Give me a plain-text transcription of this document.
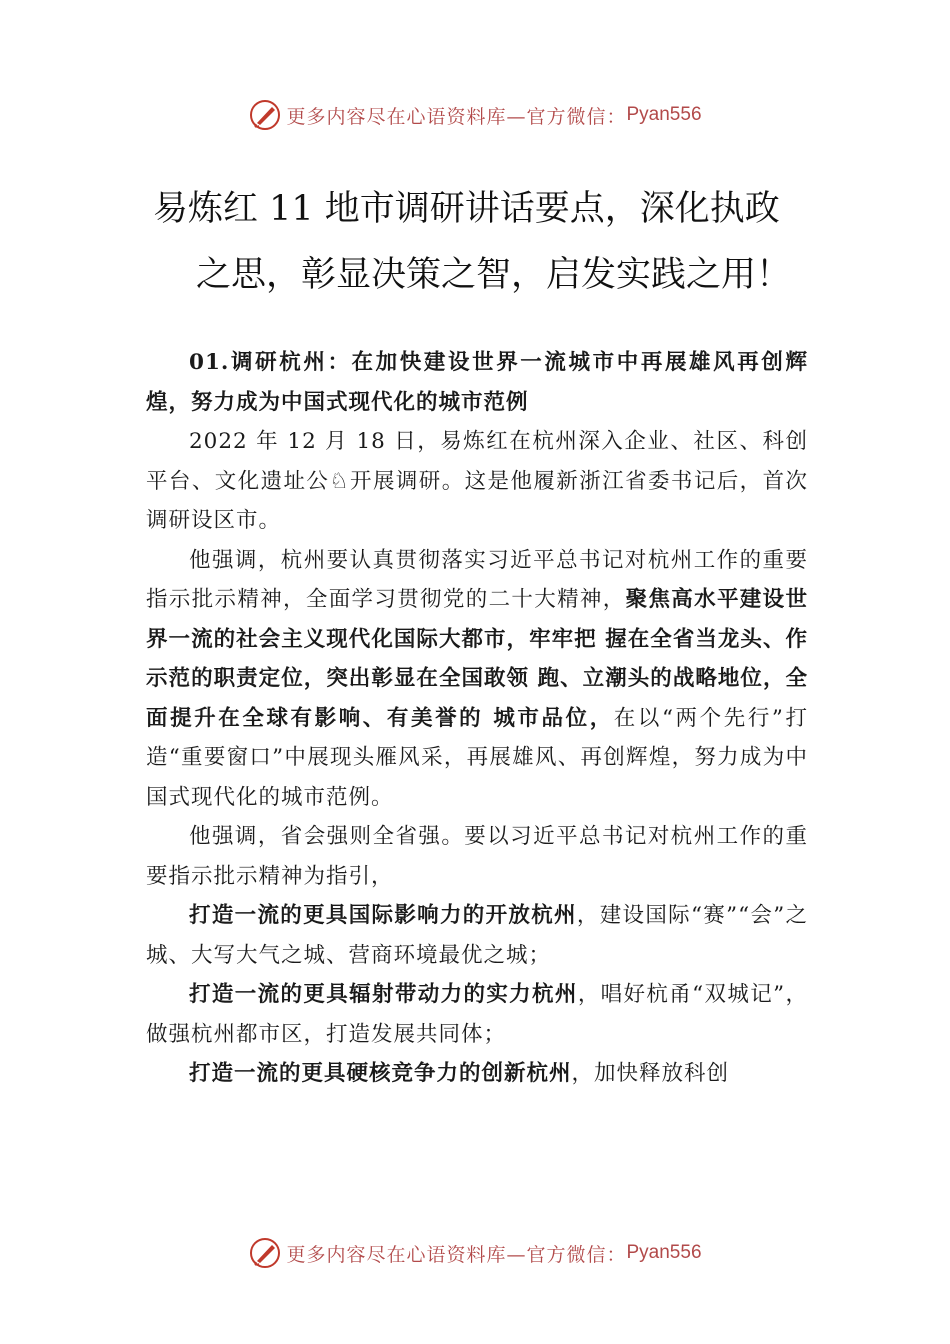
更多内容尽在心语资料库—官方微信： Pyan556
易炼红 11 地市调研讲话要点，深化执政
之思，彰显决策之智，启发实践之用！

01.调研杭州：在加快建设世界一流城市中再展雄风再创辉煌，努力成为中国式现代化的城市范例

2022 年 12 月 18 日，易炼红在杭州深入企业、社区、科创平台、文化遗址公♘开展调研。这是他履新浙江省委书记后，首次调研设区市。

他强调，杭州要认真贯彻落实习近平总书记对杭州工作的重要指示批示精神，全面学习贯彻党的二十大精神，聚焦高水平建设世界一流的社会主义现代化国际大都市，牢牢把 握在全省当龙头、作示范的职责定位，突出彰显在全国敢领 跑、立潮头的战略地位，全面提升在全球有影响、有美誉的 城市品位，在以“两个先行”打造“重要窗口”中展现头雁风采，再展雄风、再创辉煌，努力成为中国式现代化的城市范例。

他强调，省会强则全省强。要以习近平总书记对杭州工作的重要指示批示精神为指引，

打造一流的更具国际影响力的开放杭州，建设国际“赛”“会”之城、大写大气之城、营商环境最优之城；

打造一流的更具辐射带动力的实力杭州，唱好杭甬“双城记”，做强杭州都市区，打造发展共同体；

打造一流的更具硬核竞争力的创新杭州，加快释放科创

更多内容尽在心语资料库—官方微信： Pyan556
